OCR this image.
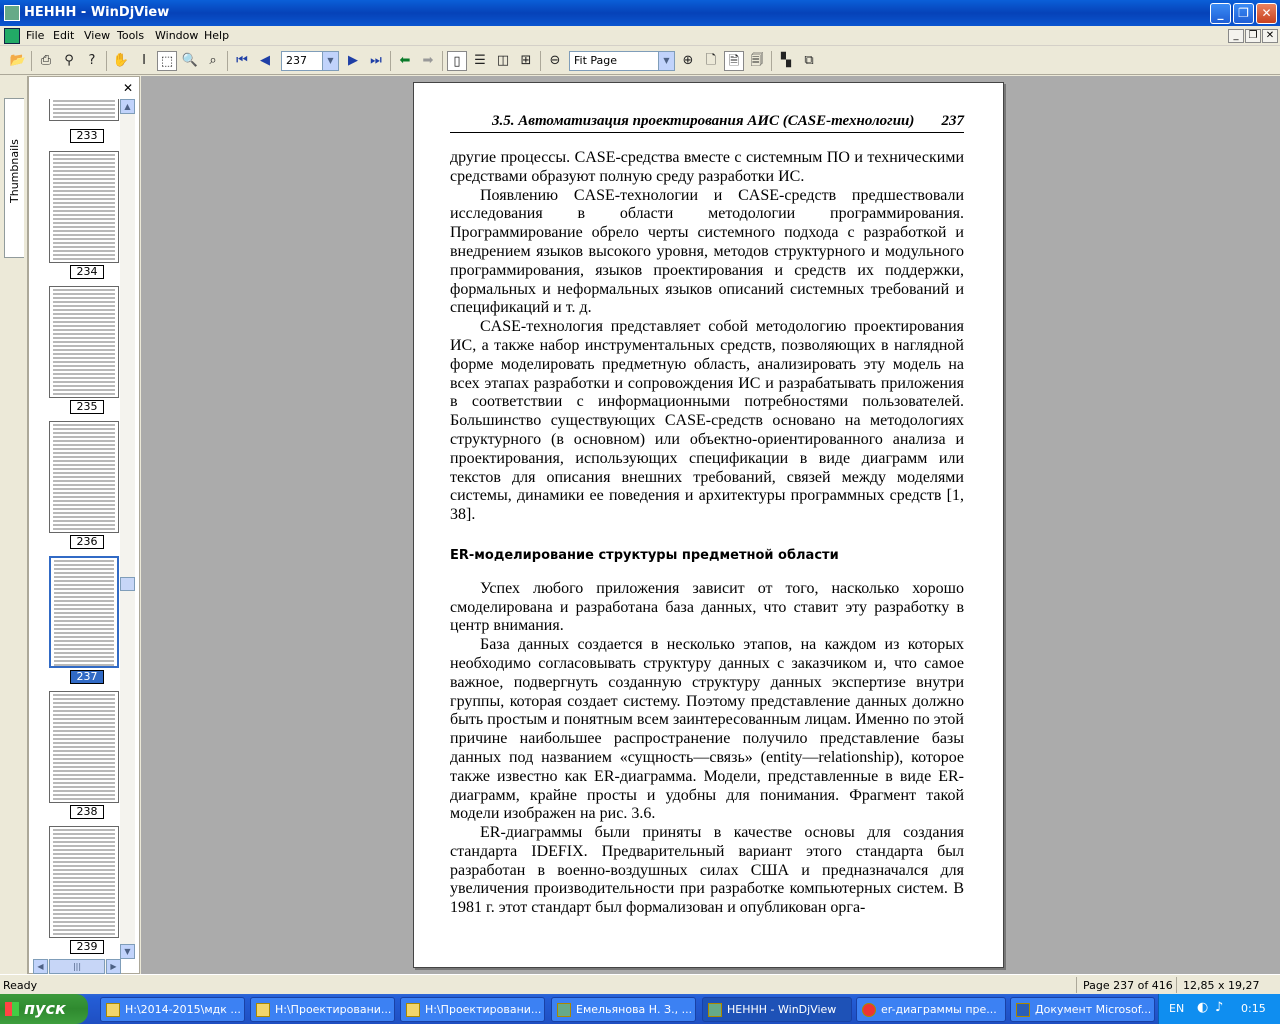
HEHHH - WinDjView	_	❐	✕
File Edit View Tools Window Help	_	❐ ✕
📂	⎙	⚲	?	✋ Ⅰ	⬚ 🔍 ⌕	⏮ ◀	237	▼	▶ ⏭	⬅ ➡	▯	☰ ◫ ⊞	⊖	Fit Page	▼ ⊕ 🗋 🗎 🗐	▚	⧉
Thumbnails
✕
233
234
235
236
237
238
239
▲
▼
◀	|||	▶
3.5. Автоматизация проектирования АИС (CASE-технологии) 237

другие процессы. CASE-средства вместе с системным ПО и техническими средствами образуют полную среду разработки ИС.

Появлению CASE-технологии и CASE-средств предшествовали исследования в области методологии программирования. Программирование обрело черты системного подхода с разработкой и внедрением языков высокого уровня, методов структурного и модульного программирования, языков проектирования и средств их поддержки, формальных и неформальных языков описаний системных требований и спецификаций и т. д.

CASE-технология представляет собой методологию проектирования ИС, а также набор инструментальных средств, позволяющих в наглядной форме моделировать предметную область, анализировать эту модель на всех этапах разработки и сопровождения ИС и разрабатывать приложения в соответствии с информационными потребностями пользователей. Большинство существующих CASE-средств основано на методологиях структурного (в основном) или объектно-ориентированного анализа и проектирования, использующих спецификации в виде диаграмм или текстов для описания внешних требований, связей между моделями системы, динамики ее поведения и архитектуры программных средств [1, 38].

ER-моделирование структуры предметной области

Успех любого приложения зависит от того, насколько хорошо смоделирована и разработана база данных, что ставит эту разработку в центр внимания.

База данных создается в несколько этапов, на каждом из которых необходимо согласовывать структуру данных с заказчиком и, что самое важное, подвергнуть созданную структуру данных экспертизе внутри группы, которая создает систему. Поэтому представление данных должно быть простым и понятным всем заинтересованным лицам. Именно по этой причине наибольшее распространение получило представление базы данных под названием «сущность—связь» (entity—relationship), которое также известно как ER-диаграмма. Модели, представленные в виде ER-диаграмм, крайне просты и удобны для понимания. Фрагмент такой модели изображен на рис. 3.6.

ER-диаграммы были приняты в качестве основы для создания стандарта IDEFIX. Предварительный вариант этого стандарта был разработан в военно-воздушных силах США и предназначался для увеличения производительности при разработке компьютерных систем. В 1981 г. этот стандарт был формализован и опубликован орга-

Ready	Page 237 of 416 12,85 x 19,27
пуск	H:\2014-2015\мдк ...	H:\Проектировани...	H:\Проектировани...	Емельянова Н. З., ...	HEHHH - WinDjView	er-диаграммы пре...	Документ Microsof...	EN ◐ ♪ 0:15
